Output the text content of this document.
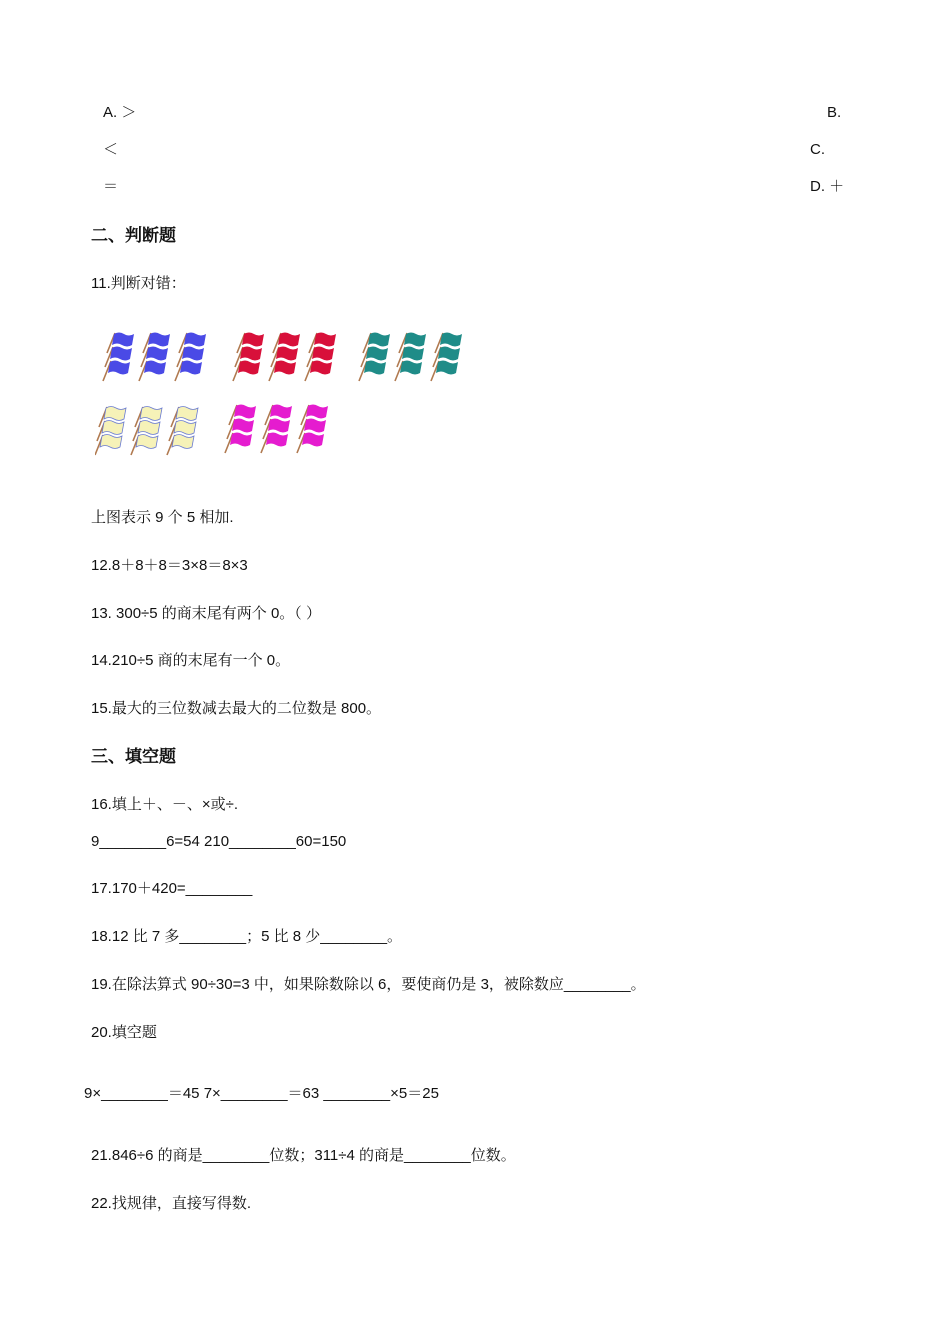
A. ＞	B.
＜	C.
＝	D. ＋
二、判断题
11.判断对错：
上图表示 9 个 5 相加.
12.8＋8＋8＝3×8＝8×3
13. 300÷5 的商末尾有两个 0。（ ）
14.210÷5 商的末尾有一个 0。
15.最大的三位数减去最大的二位数是 800。
三、填空题
16.填上＋、－、×或÷.
9________6=54 210________60=150
17.170＋420=________
18.12 比 7 多________；5 比 8 少________。
19.在除法算式 90÷30=3 中，如果除数除以 6，要使商仍是 3，被除数应________。
20.填空题
9×________＝45 7×________＝63 ________×5＝25
21.846÷6 的商是________位数；311÷4 的商是________位数。
22.找规律，直接写得数.
